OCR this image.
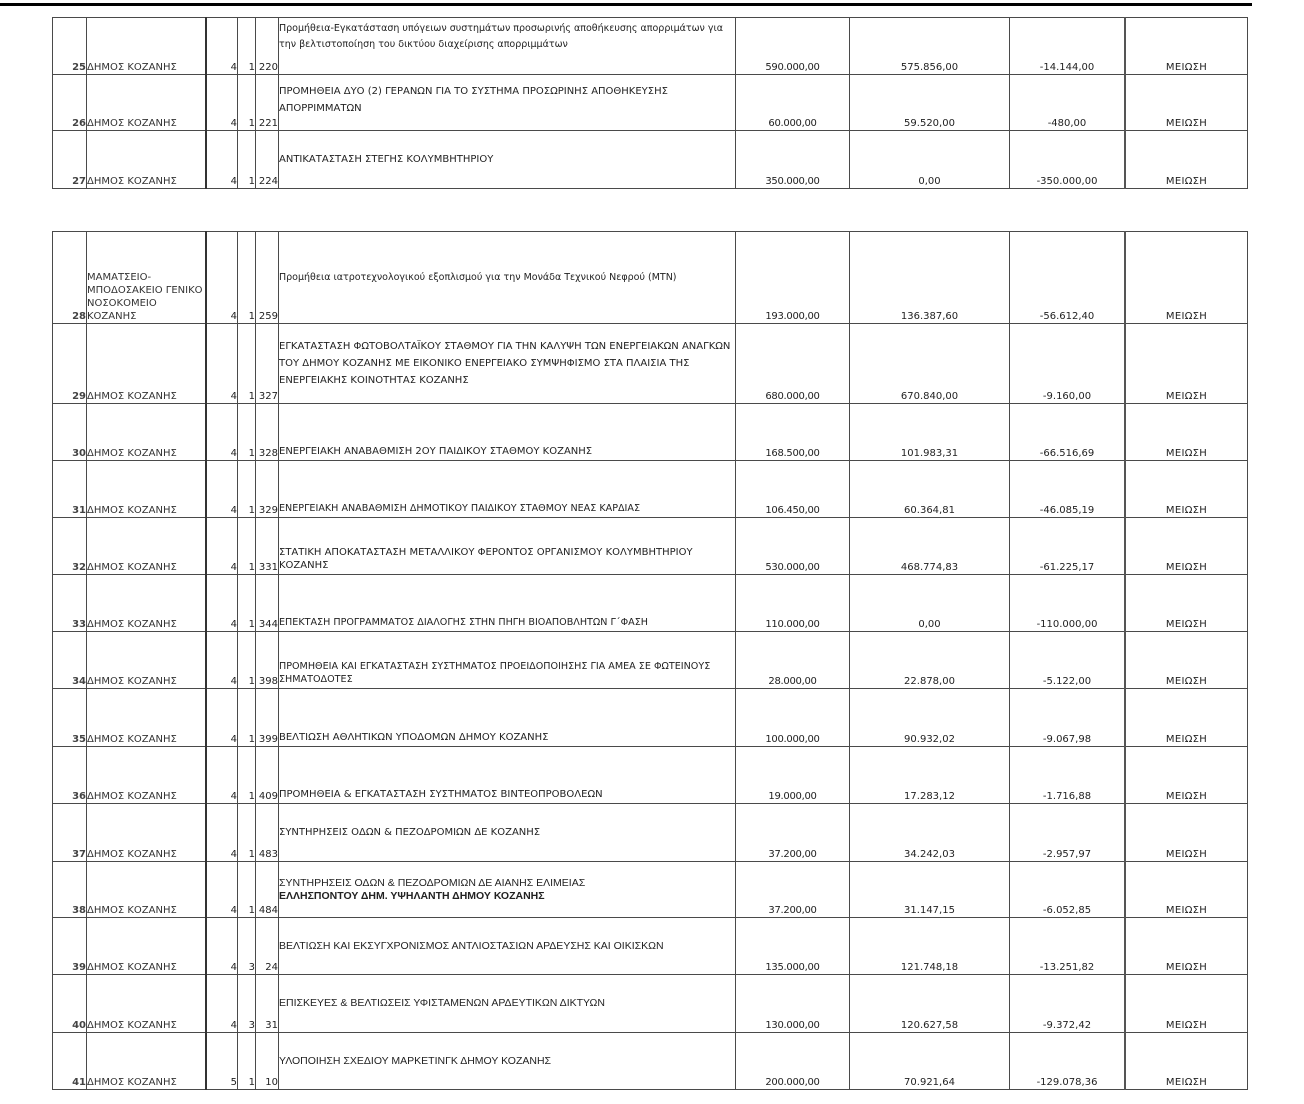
25	ΔΗΜΟΣ ΚΟΖΑΝΗΣ	4	1	220	Προμήθεια-Εγκατάσταση υπόγειων συστημάτων προσωρινής αποθήκευσης απορριμάτων για την βελτιστοποίηση του δικτύου διαχείρισης απορριμμάτων	590.000,00	575.856,00	-14.144,00	ΜΕΙΩΣΗ
26	ΔΗΜΟΣ ΚΟΖΑΝΗΣ	4	1	221	ΠΡΟΜΗΘΕΙΑ ΔΥΟ (2) ΓΕΡΑΝΩΝ ΓΙΑ ΤΟ ΣΥΣΤΗΜΑ ΠΡΟΣΩΡΙΝΗΣ ΑΠΟΘΗΚΕΥΣΗΣ ΑΠΟΡΡΙΜΜΑΤΩΝ	60.000,00	59.520,00	-480,00	ΜΕΙΩΣΗ
27	ΔΗΜΟΣ ΚΟΖΑΝΗΣ	4	1	224	ΑΝΤΙΚΑΤΑΣΤΑΣΗ ΣΤΕΓΗΣ ΚΟΛΥΜΒΗΤΗΡΙΟΥ	350.000,00	0,00	-350.000,00	ΜΕΙΩΣΗ
28	ΜΑΜΑΤΣΕΙΟ-ΜΠΟΔΟΣΑΚΕΙΟ ΓΕΝΙΚΟ ΝΟΣΟΚΟΜΕΙΟ ΚΟΖΑΝΗΣ	4	1	259	Προμήθεια ιατροτεχνολογικού εξοπλισμού για την Μονάδα Τεχνικού Νεφρού (ΜΤΝ)	193.000,00	136.387,60	-56.612,40	ΜΕΙΩΣΗ
29	ΔΗΜΟΣ ΚΟΖΑΝΗΣ	4	1	327	ΕΓΚΑΤΑΣΤΑΣΗ ΦΩΤΟΒΟΛΤΑΪΚΟΥ ΣΤΑΘΜΟΥ ΓΙΑ ΤΗΝ ΚΑΛΥΨΗ ΤΩΝ ΕΝΕΡΓΕΙΑΚΩΝ ΑΝΑΓΚΩΝ ΤΟΥ ΔΗΜΟΥ ΚΟΖΑΝΗΣ ΜΕ ΕΙΚΟΝΙΚΟ ΕΝΕΡΓΕΙΑΚΟ ΣΥΜΨΗΦΙΣΜΟ ΣΤΑ ΠΛΑΙΣΙΑ ΤΗΣ ΕΝΕΡΓΕΙΑΚΗΣ ΚΟΙΝΟΤΗΤΑΣ ΚΟΖΑΝΗΣ	680.000,00	670.840,00	-9.160,00	ΜΕΙΩΣΗ
30	ΔΗΜΟΣ ΚΟΖΑΝΗΣ	4	1	328	ΕΝΕΡΓΕΙΑΚΗ ΑΝΑΒΑΘΜΙΣΗ 2ΟΥ ΠΑΙΔΙΚΟΥ ΣΤΑΘΜΟΥ ΚΟΖΑΝΗΣ	168.500,00	101.983,31	-66.516,69	ΜΕΙΩΣΗ
31	ΔΗΜΟΣ ΚΟΖΑΝΗΣ	4	1	329	ΕΝΕΡΓΕΙΑΚΗ ΑΝΑΒΑΘΜΙΣΗ ΔΗΜΟΤΙΚΟΥ ΠΑΙΔΙΚΟΥ ΣΤΑΘΜΟΥ ΝΕΑΣ ΚΑΡΔΙΑΣ	106.450,00	60.364,81	-46.085,19	ΜΕΙΩΣΗ
32	ΔΗΜΟΣ ΚΟΖΑΝΗΣ	4	1	331	ΣΤΑΤΙΚΗ ΑΠΟΚΑΤΑΣΤΑΣΗ ΜΕΤΑΛΛΙΚΟΥ ΦΕΡΟΝΤΟΣ ΟΡΓΑΝΙΣΜΟΥ ΚΟΛΥΜΒΗΤΗΡΙΟΥ ΚΟΖΑΝΗΣ	530.000,00	468.774,83	-61.225,17	ΜΕΙΩΣΗ
33	ΔΗΜΟΣ ΚΟΖΑΝΗΣ	4	1	344	ΕΠΕΚΤΑΣΗ ΠΡΟΓΡΑΜΜΑΤΟΣ ΔΙΑΛΟΓΗΣ ΣΤΗΝ ΠΗΓΗ ΒΙΟΑΠΟΒΛΗΤΩΝ Γ΄ΦΑΣΗ	110.000,00	0,00	-110.000,00	ΜΕΙΩΣΗ
34	ΔΗΜΟΣ ΚΟΖΑΝΗΣ	4	1	398	ΠΡΟΜΗΘΕΙΑ ΚΑΙ ΕΓΚΑΤΑΣΤΑΣΗ ΣΥΣΤΗΜΑΤΟΣ ΠΡΟΕΙΔΟΠΟΙΗΣΗΣ ΓΙΑ ΑΜΕΑ ΣΕ ΦΩΤΕΙΝΟΥΣ ΣΗΜΑΤΟΔΟΤΕΣ	28.000,00	22.878,00	-5.122,00	ΜΕΙΩΣΗ
35	ΔΗΜΟΣ ΚΟΖΑΝΗΣ	4	1	399	ΒΕΛΤΙΩΣΗ ΑΘΛΗΤΙΚΩΝ ΥΠΟΔΟΜΩΝ ΔΗΜΟΥ ΚΟΖΑΝΗΣ	100.000,00	90.932,02	-9.067,98	ΜΕΙΩΣΗ
36	ΔΗΜΟΣ ΚΟΖΑΝΗΣ	4	1	409	ΠΡΟΜΗΘΕΙΑ & ΕΓΚΑΤΑΣΤΑΣΗ ΣΥΣΤΗΜΑΤΟΣ ΒΙΝΤΕΟΠΡΟΒΟΛΕΩΝ	19.000,00	17.283,12	-1.716,88	ΜΕΙΩΣΗ
37	ΔΗΜΟΣ ΚΟΖΑΝΗΣ	4	1	483	ΣΥΝΤΗΡΗΣΕΙΣ ΟΔΩΝ & ΠΕΖΟΔΡΟΜΙΩΝ ΔΕ ΚΟΖΑΝΗΣ	37.200,00	34.242,03	-2.957,97	ΜΕΙΩΣΗ
38	ΔΗΜΟΣ ΚΟΖΑΝΗΣ	4	1	484	ΣΥΝΤΗΡΗΣΕΙΣ ΟΔΩΝ & ΠΕΖΟΔΡΟΜΙΩΝ ΔΕ ΑΙΑΝΗΣ ΕΛΙΜΕΙΑΣ
ΕΛΛΗΣΠΟΝΤΟΥ ΔΗΜ. ΥΨΗΛΑΝΤΗ ΔΗΜΟΥ ΚΟΖΑΝΗΣ	37.200,00	31.147,15	-6.052,85	ΜΕΙΩΣΗ
39	ΔΗΜΟΣ ΚΟΖΑΝΗΣ	4	3	24	ΒΕΛΤΙΩΣΗ ΚΑΙ ΕΚΣΥΓΧΡΟΝΙΣΜΟΣ ΑΝΤΛΙΟΣΤΑΣΙΩΝ ΑΡΔΕΥΣΗΣ ΚΑΙ ΟΙΚΙΣΚΩΝ	135.000,00	121.748,18	-13.251,82	ΜΕΙΩΣΗ
40	ΔΗΜΟΣ ΚΟΖΑΝΗΣ	4	3	31	ΕΠΙΣΚΕΥΕΣ & ΒΕΛΤΙΩΣΕΙΣ ΥΦΙΣΤΑΜΕΝΩΝ ΑΡΔΕΥΤΙΚΩΝ ΔΙΚΤΥΩΝ	130.000,00	120.627,58	-9.372,42	ΜΕΙΩΣΗ
41	ΔΗΜΟΣ ΚΟΖΑΝΗΣ	5	1	10	ΥΛΟΠΟΙΗΣΗ ΣΧΕΔΙΟΥ ΜΑΡΚΕΤΙΝΓΚ ΔΗΜΟΥ ΚΟΖΑΝΗΣ	200.000,00	70.921,64	-129.078,36	ΜΕΙΩΣΗ
